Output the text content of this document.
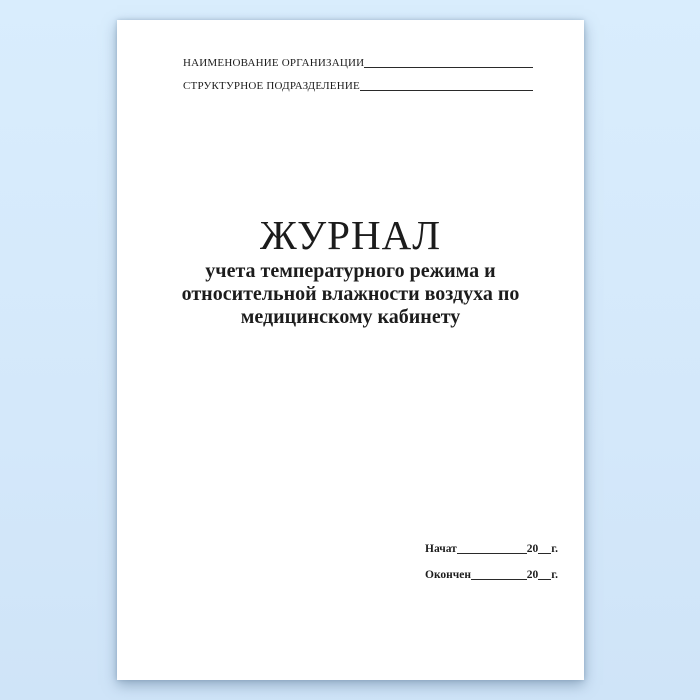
НАИМЕНОВАНИЕ ОРГАНИЗАЦИИ
СТРУКТУРНОЕ ПОДРАЗДЕЛЕНИЕ
ЖУРНАЛ
учета температурного режима и
относительной влажности воздуха по
медицинскому кабинету
Начат	20 г.
Окончен	20 г.
